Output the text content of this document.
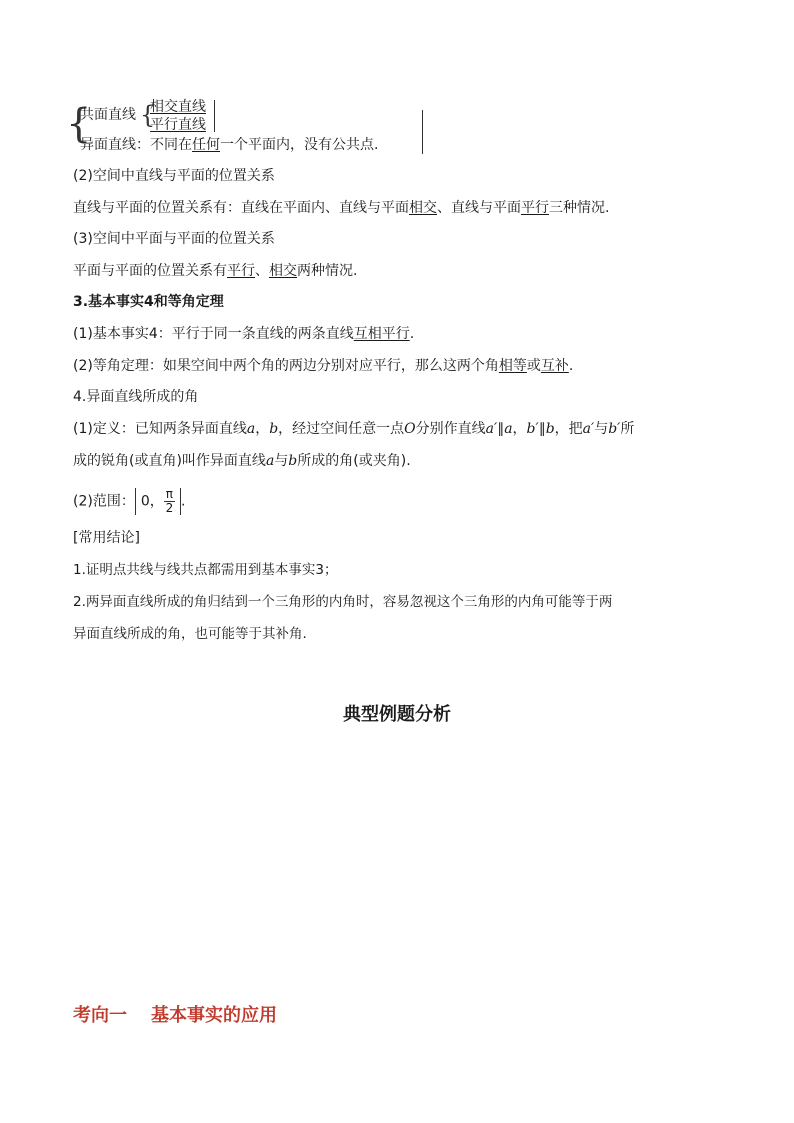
{
共面直线 {
相交直线
平行直线
异面直线：不同在任何一个平面内，没有公共点.
(2)空间中直线与平面的位置关系
直线与平面的位置关系有：直线在平面内、直线与平面相交、直线与平面平行三种情况.
(3)空间中平面与平面的位置关系
平面与平面的位置关系有平行、相交两种情况.
3.基本事实4和等角定理
(1)基本事实4：平行于同一条直线的两条直线互相平行.
(2)等角定理：如果空间中两个角的两边分别对应平行，那么这两个角相等或互补.
4.异面直线所成的角
(1)定义：已知两条异面直线a，b，经过空间任意一点O分别作直线a′∥a，b′∥b，把a′与b′所
成的锐角(或直角)叫作异面直线a与b所成的角(或夹角).
(2)范围： 0， $\frac{\pi}{2}$ .
[常用结论]
1.证明点共线与线共点都需用到基本事实3；
2.两异面直线所成的角归结到一个三角形的内角时，容易忽视这个三角形的内角可能等于两
异面直线所成的角，也可能等于其补角.
典型例题分析
考向一 基本事实的应用
